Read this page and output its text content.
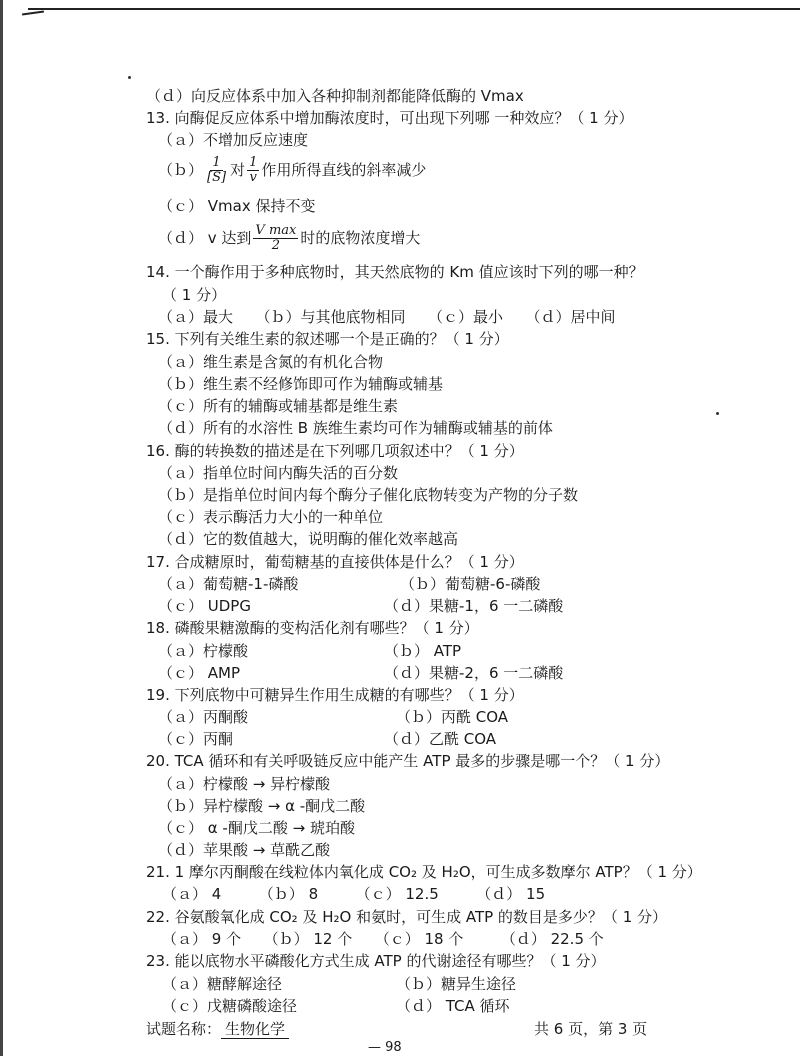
（ｄ）向反应体系中加入各种抑制剂都能降低酶的 Vmax
13. 向酶促反应体系中增加酶浓度时，可出现下列哪 一种效应？（ 1 分）
（ａ）不增加反应速度
（ｂ） $\frac{1}{[S]}$ 对 $\frac{1}{v}$ 作用所得直线的斜率减少
（ｃ） Vmax 保持不变
（ｄ） v 达到 $\frac{\text{V max}}{2}$ 时的底物浓度增大
14. 一个酶作用于多种底物时，其天然底物的 Km 值应该时下列的哪一种？
（ 1 分）
（ａ）最大　　（ｂ）与其他底物相同　　（ｃ）最小　　（ｄ）居中间
15. 下列有关维生素的叙述哪一个是正确的？（ 1 分）
（ａ）维生素是含氮的有机化合物
（ｂ）维生素不经修饰即可作为辅酶或辅基
（ｃ）所有的辅酶或辅基都是维生素
（ｄ）所有的水溶性 B 族维生素均可作为辅酶或辅基的前体
16. 酶的转换数的描述是在下列哪几项叙述中？（ 1 分）
（ａ）指单位时间内酶失活的百分数
（ｂ）是指单位时间内每个酶分子催化底物转变为产物的分子数
（ｃ）表示酶活力大小的一种单位
（ｄ）它的数值越大，说明酶的催化效率越高
17. 合成糖原时，葡萄糖基的直接供体是什么？（ 1 分）
（ａ）葡萄糖-1-磷酸	（ｂ）葡萄糖-6-磷酸
（ｃ） UDPG	（ｄ）果糖-1，6 一二磷酸
18. 磷酸果糖激酶的变构活化剂有哪些？（ 1 分）
（ａ）柠檬酸	（ｂ） ATP
（ｃ） AMP	（ｄ）果糖-2，6 一二磷酸
19. 下列底物中可糖异生作用生成糖的有哪些？（ 1 分）
（ａ）丙酮酸	（ｂ）丙酰 COA
（ｃ）丙酮	（ｄ）乙酰 COA
20. TCA 循环和有关呼吸链反应中能产生 ATP 最多的步骤是哪一个？（ 1 分）
（ａ）柠檬酸 → 异柠檬酸
（ｂ）异柠檬酸 → α -酮戊二酸
（ｃ） α -酮戊二酸 → 琥珀酸
（ｄ）苹果酸 → 草酰乙酸
21. 1 摩尔丙酮酸在线粒体内氧化成 CO₂ 及 H₂O，可生成多数摩尔 ATP？（ 1 分）
（ａ） 4　　　（ｂ） 8　　　（ｃ） 12.5　　　（ｄ） 15
22. 谷氨酸氧化成 CO₂ 及 H₂O 和氨时，可生成 ATP 的数目是多少？（ 1 分）
（ａ） 9 个　　（ｂ） 12 个　　（ｃ） 18 个　　　（ｄ） 22.5 个
23. 能以底物水平磷酸化方式生成 ATP 的代谢途径有哪些？（ 1 分）
（ａ）糖酵解途径	（ｂ）糖异生途径
（ｃ）戊糖磷酸途径	（ｄ） TCA 循环
试题名称： 生物化学	共 6 页，第 3 页
— 98
